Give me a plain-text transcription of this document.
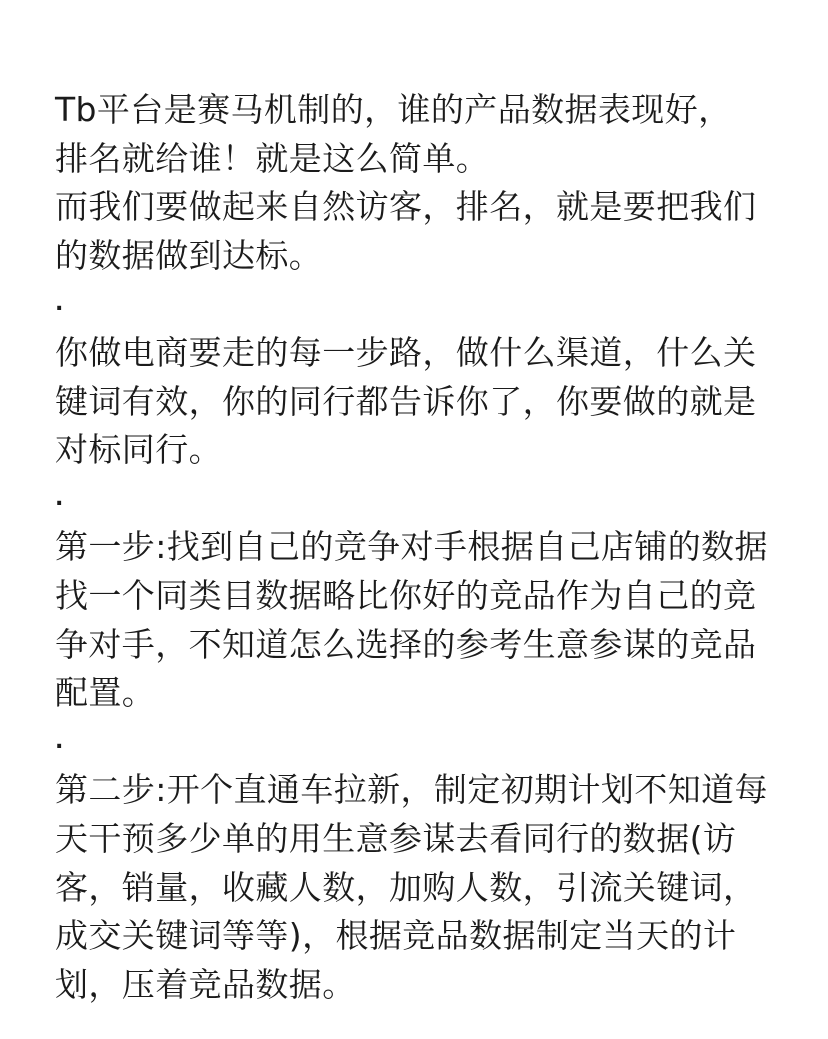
Tb平台是赛马机制的，谁的产品数据表现好，
排名就给谁！就是这么简单。
而我们要做起来自然访客，排名，就是要把我们的数据做到达标。

.

你做电商要走的每一步路，做什么渠道，什么关键词有效，你的同行都告诉你了，你要做的就是对标同行。

.

第一步:找到自己的竞争对手根据自己店铺的数据找一个同类目数据略比你好的竞品作为自己的竞争对手，不知道怎么选择的参考生意参谋的竞品配置。

.

第二步:开个直通车拉新，制定初期计划不知道每天干预多少单的用生意参谋去看同行的数据(访客，销量，收藏人数，加购人数，引流关键词，成交关键词等等)，根据竞品数据制定当天的计划，压着竞品数据。
